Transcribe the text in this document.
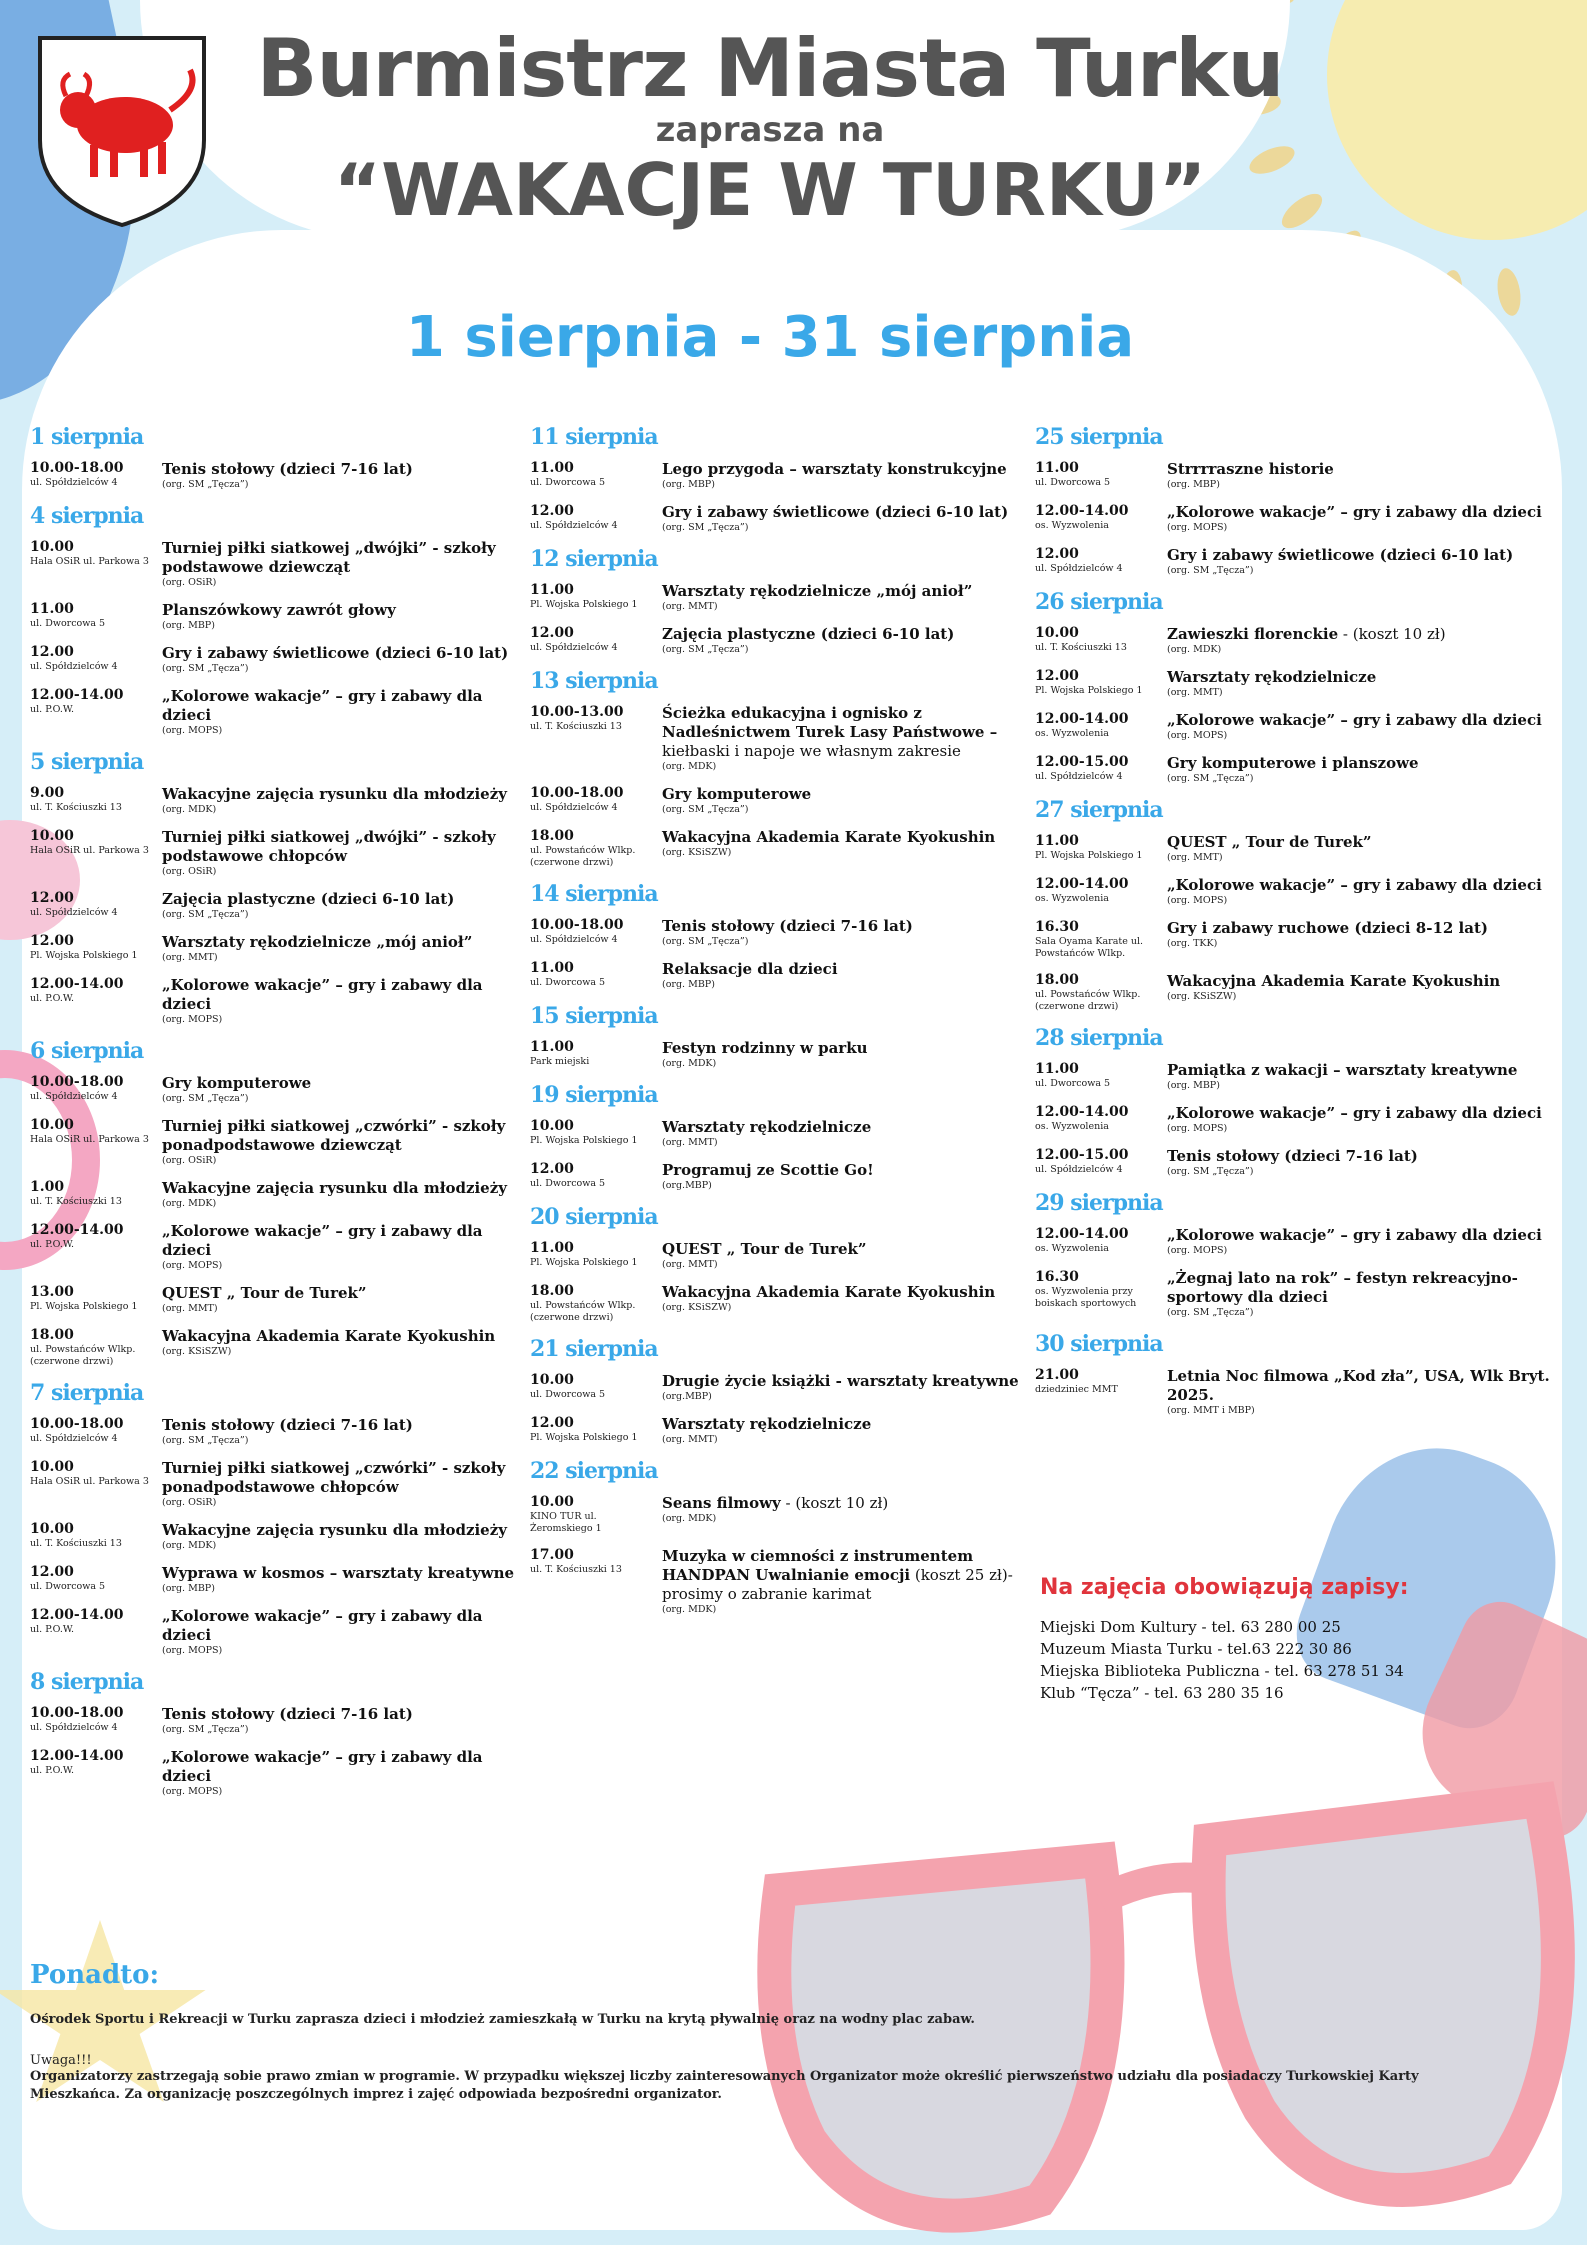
Burmistrz Miasta Turku
zaprasza na
“WAKACJE W TURKU”
1 sierpnia - 31 sierpnia
1 sierpnia
10.00-18.00
ul. Spółdzielców 4
Tenis stołowy (dzieci 7-16 lat)
(org. SM „Tęcza”)
4 sierpnia
10.00
Hala OSiR ul. Parkowa 3
Turniej piłki siatkowej „dwójki” - szkoły podstawowe dziewcząt
(org. OSiR)
11.00
ul. Dworcowa 5
Planszówkowy zawrót głowy
(org. MBP)
12.00
ul. Spółdzielców 4
Gry i zabawy świetlicowe (dzieci 6-10 lat)
(org. SM „Tęcza”)
12.00-14.00
ul. P.O.W.
„Kolorowe wakacje” – gry i zabawy dla dzieci
(org. MOPS)
5 sierpnia
9.00
ul. T. Kościuszki 13
Wakacyjne zajęcia rysunku dla młodzieży
(org. MDK)
10.00
Hala OSiR ul. Parkowa 3
Turniej piłki siatkowej „dwójki” - szkoły podstawowe chłopców
(org. OSiR)
12.00
ul. Spółdzielców 4
Zajęcia plastyczne (dzieci 6-10 lat)
(org. SM „Tęcza”)
12.00
Pl. Wojska Polskiego 1
Warsztaty rękodzielnicze „mój anioł”
(org. MMT)
12.00-14.00
ul. P.O.W.
„Kolorowe wakacje” – gry i zabawy dla dzieci
(org. MOPS)
6 sierpnia
10.00-18.00
ul. Spółdzielców 4
Gry komputerowe
(org. SM „Tęcza”)
10.00
Hala OSiR ul. Parkowa 3
Turniej piłki siatkowej „czwórki” - szkoły ponadpodstawowe dziewcząt
(org. OSiR)
1.00
ul. T. Kościuszki 13
Wakacyjne zajęcia rysunku dla młodzieży
(org. MDK)
12.00-14.00
ul. P.O.W.
„Kolorowe wakacje” – gry i zabawy dla dzieci
(org. MOPS)
13.00
Pl. Wojska Polskiego 1
QUEST „ Tour de Turek”
(org. MMT)
18.00
ul. Powstańców Wlkp. (czerwone drzwi)
Wakacyjna Akademia Karate Kyokushin
(org. KSiSZW)
7 sierpnia
10.00-18.00
ul. Spółdzielców 4
Tenis stołowy (dzieci 7-16 lat)
(org. SM „Tęcza”)
10.00
Hala OSiR ul. Parkowa 3
Turniej piłki siatkowej „czwórki” - szkoły ponadpodstawowe chłopców
(org. OSiR)
10.00
ul. T. Kościuszki 13
Wakacyjne zajęcia rysunku dla młodzieży
(org. MDK)
12.00
ul. Dworcowa 5
Wyprawa w kosmos – warsztaty kreatywne
(org. MBP)
12.00-14.00
ul. P.O.W.
„Kolorowe wakacje” – gry i zabawy dla dzieci
(org. MOPS)
8 sierpnia
10.00-18.00
ul. Spółdzielców 4
Tenis stołowy (dzieci 7-16 lat)
(org. SM „Tęcza”)
12.00-14.00
ul. P.O.W.
„Kolorowe wakacje” – gry i zabawy dla dzieci
(org. MOPS)
11 sierpnia
11.00
ul. Dworcowa 5
Lego przygoda – warsztaty konstrukcyjne
(org. MBP)
12.00
ul. Spółdzielców 4
Gry i zabawy świetlicowe (dzieci 6-10 lat)
(org. SM „Tęcza”)
12 sierpnia
11.00
Pl. Wojska Polskiego 1
Warsztaty rękodzielnicze „mój anioł”
(org. MMT)
12.00
ul. Spółdzielców 4
Zajęcia plastyczne (dzieci 6-10 lat)
(org. SM „Tęcza”)
13 sierpnia
10.00-13.00
ul. T. Kościuszki 13
Ścieżka edukacyjna i ognisko z Nadleśnictwem Turek Lasy Państwowe – kiełbaski i napoje we własnym zakresie
(org. MDK)
10.00-18.00
ul. Spółdzielców 4
Gry komputerowe
(org. SM „Tęcza”)
18.00
ul. Powstańców Wlkp. (czerwone drzwi)
Wakacyjna Akademia Karate Kyokushin
(org. KSiSZW)
14 sierpnia
10.00-18.00
ul. Spółdzielców 4
Tenis stołowy (dzieci 7-16 lat)
(org. SM „Tęcza”)
11.00
ul. Dworcowa 5
Relaksacje dla dzieci
(org. MBP)
15 sierpnia
11.00
Park miejski
Festyn rodzinny w parku
(org. MDK)
19 sierpnia
10.00
Pl. Wojska Polskiego 1
Warsztaty rękodzielnicze
(org. MMT)
12.00
ul. Dworcowa 5
Programuj ze Scottie Go!
(org.MBP)
20 sierpnia
11.00
Pl. Wojska Polskiego 1
QUEST „ Tour de Turek”
(org. MMT)
18.00
ul. Powstańców Wlkp. (czerwone drzwi)
Wakacyjna Akademia Karate Kyokushin
(org. KSiSZW)
21 sierpnia
10.00
ul. Dworcowa 5
Drugie życie książki - warsztaty kreatywne
(org.MBP)
12.00
Pl. Wojska Polskiego 1
Warsztaty rękodzielnicze
(org. MMT)
22 sierpnia
10.00
KINO TUR ul. Żeromskiego 1
Seans filmowy - (koszt 10 zł)
(org. MDK)
17.00
ul. T. Kościuszki 13
Muzyka w ciemności z instrumentem HANDPAN Uwalnianie emocji (koszt 25 zł)- prosimy o zabranie karimat
(org. MDK)
25 sierpnia
11.00
ul. Dworcowa 5
Strrrraszne historie
(org. MBP)
12.00-14.00
os. Wyzwolenia
„Kolorowe wakacje” – gry i zabawy dla dzieci
(org. MOPS)
12.00
ul. Spółdzielców 4
Gry i zabawy świetlicowe (dzieci 6-10 lat)
(org. SM „Tęcza”)
26 sierpnia
10.00
ul. T. Kościuszki 13
Zawieszki florenckie - (koszt 10 zł)
(org. MDK)
12.00
Pl. Wojska Polskiego 1
Warsztaty rękodzielnicze
(org. MMT)
12.00-14.00
os. Wyzwolenia
„Kolorowe wakacje” – gry i zabawy dla dzieci
(org. MOPS)
12.00-15.00
ul. Spółdzielców 4
Gry komputerowe i planszowe
(org. SM „Tęcza”)
27 sierpnia
11.00
Pl. Wojska Polskiego 1
QUEST „ Tour de Turek”
(org. MMT)
12.00-14.00
os. Wyzwolenia
„Kolorowe wakacje” – gry i zabawy dla dzieci
(org. MOPS)
16.30
Sala Oyama Karate ul. Powstańców Wlkp.
Gry i zabawy ruchowe (dzieci 8-12 lat)
(org. TKK)
18.00
ul. Powstańców Wlkp. (czerwone drzwi)
Wakacyjna Akademia Karate Kyokushin
(org. KSiSZW)
28 sierpnia
11.00
ul. Dworcowa 5
Pamiątka z wakacji – warsztaty kreatywne
(org. MBP)
12.00-14.00
os. Wyzwolenia
„Kolorowe wakacje” – gry i zabawy dla dzieci
(org. MOPS)
12.00-15.00
ul. Spółdzielców 4
Tenis stołowy (dzieci 7-16 lat)
(org. SM „Tęcza”)
29 sierpnia
12.00-14.00
os. Wyzwolenia
„Kolorowe wakacje” – gry i zabawy dla dzieci
(org. MOPS)
16.30
os. Wyzwolenia przy boiskach sportowych
„Żegnaj lato na rok” – festyn rekreacyjno-sportowy dla dzieci
(org. SM „Tęcza”)
30 sierpnia
21.00
dziedziniec MMT
Letnia Noc filmowa „Kod zła”, USA, Wlk Bryt. 2025.
(org. MMT i MBP)
Na zajęcia obowiązują zapisy:
Miejski Dom Kultury - tel. 63 280 00 25
Muzeum Miasta Turku - tel.63 222 30 86
Miejska Biblioteka Publiczna - tel. 63 278 51 34
Klub “Tęcza” - tel. 63 280 35 16
Ponadto:
Ośrodek Sportu i Rekreacji w Turku zaprasza dzieci i młodzież zamieszkałą w Turku na krytą pływalnię oraz na wodny plac zabaw.
Uwaga!!!
Organizatorzy zastrzegają sobie prawo zmian w programie. W przypadku większej liczby zainteresowanych Organizator może określić pierwszeństwo udziału dla posiadaczy Turkowskiej Karty Mieszkańca. Za organizację poszczególnych imprez i zajęć odpowiada bezpośredni organizator.
